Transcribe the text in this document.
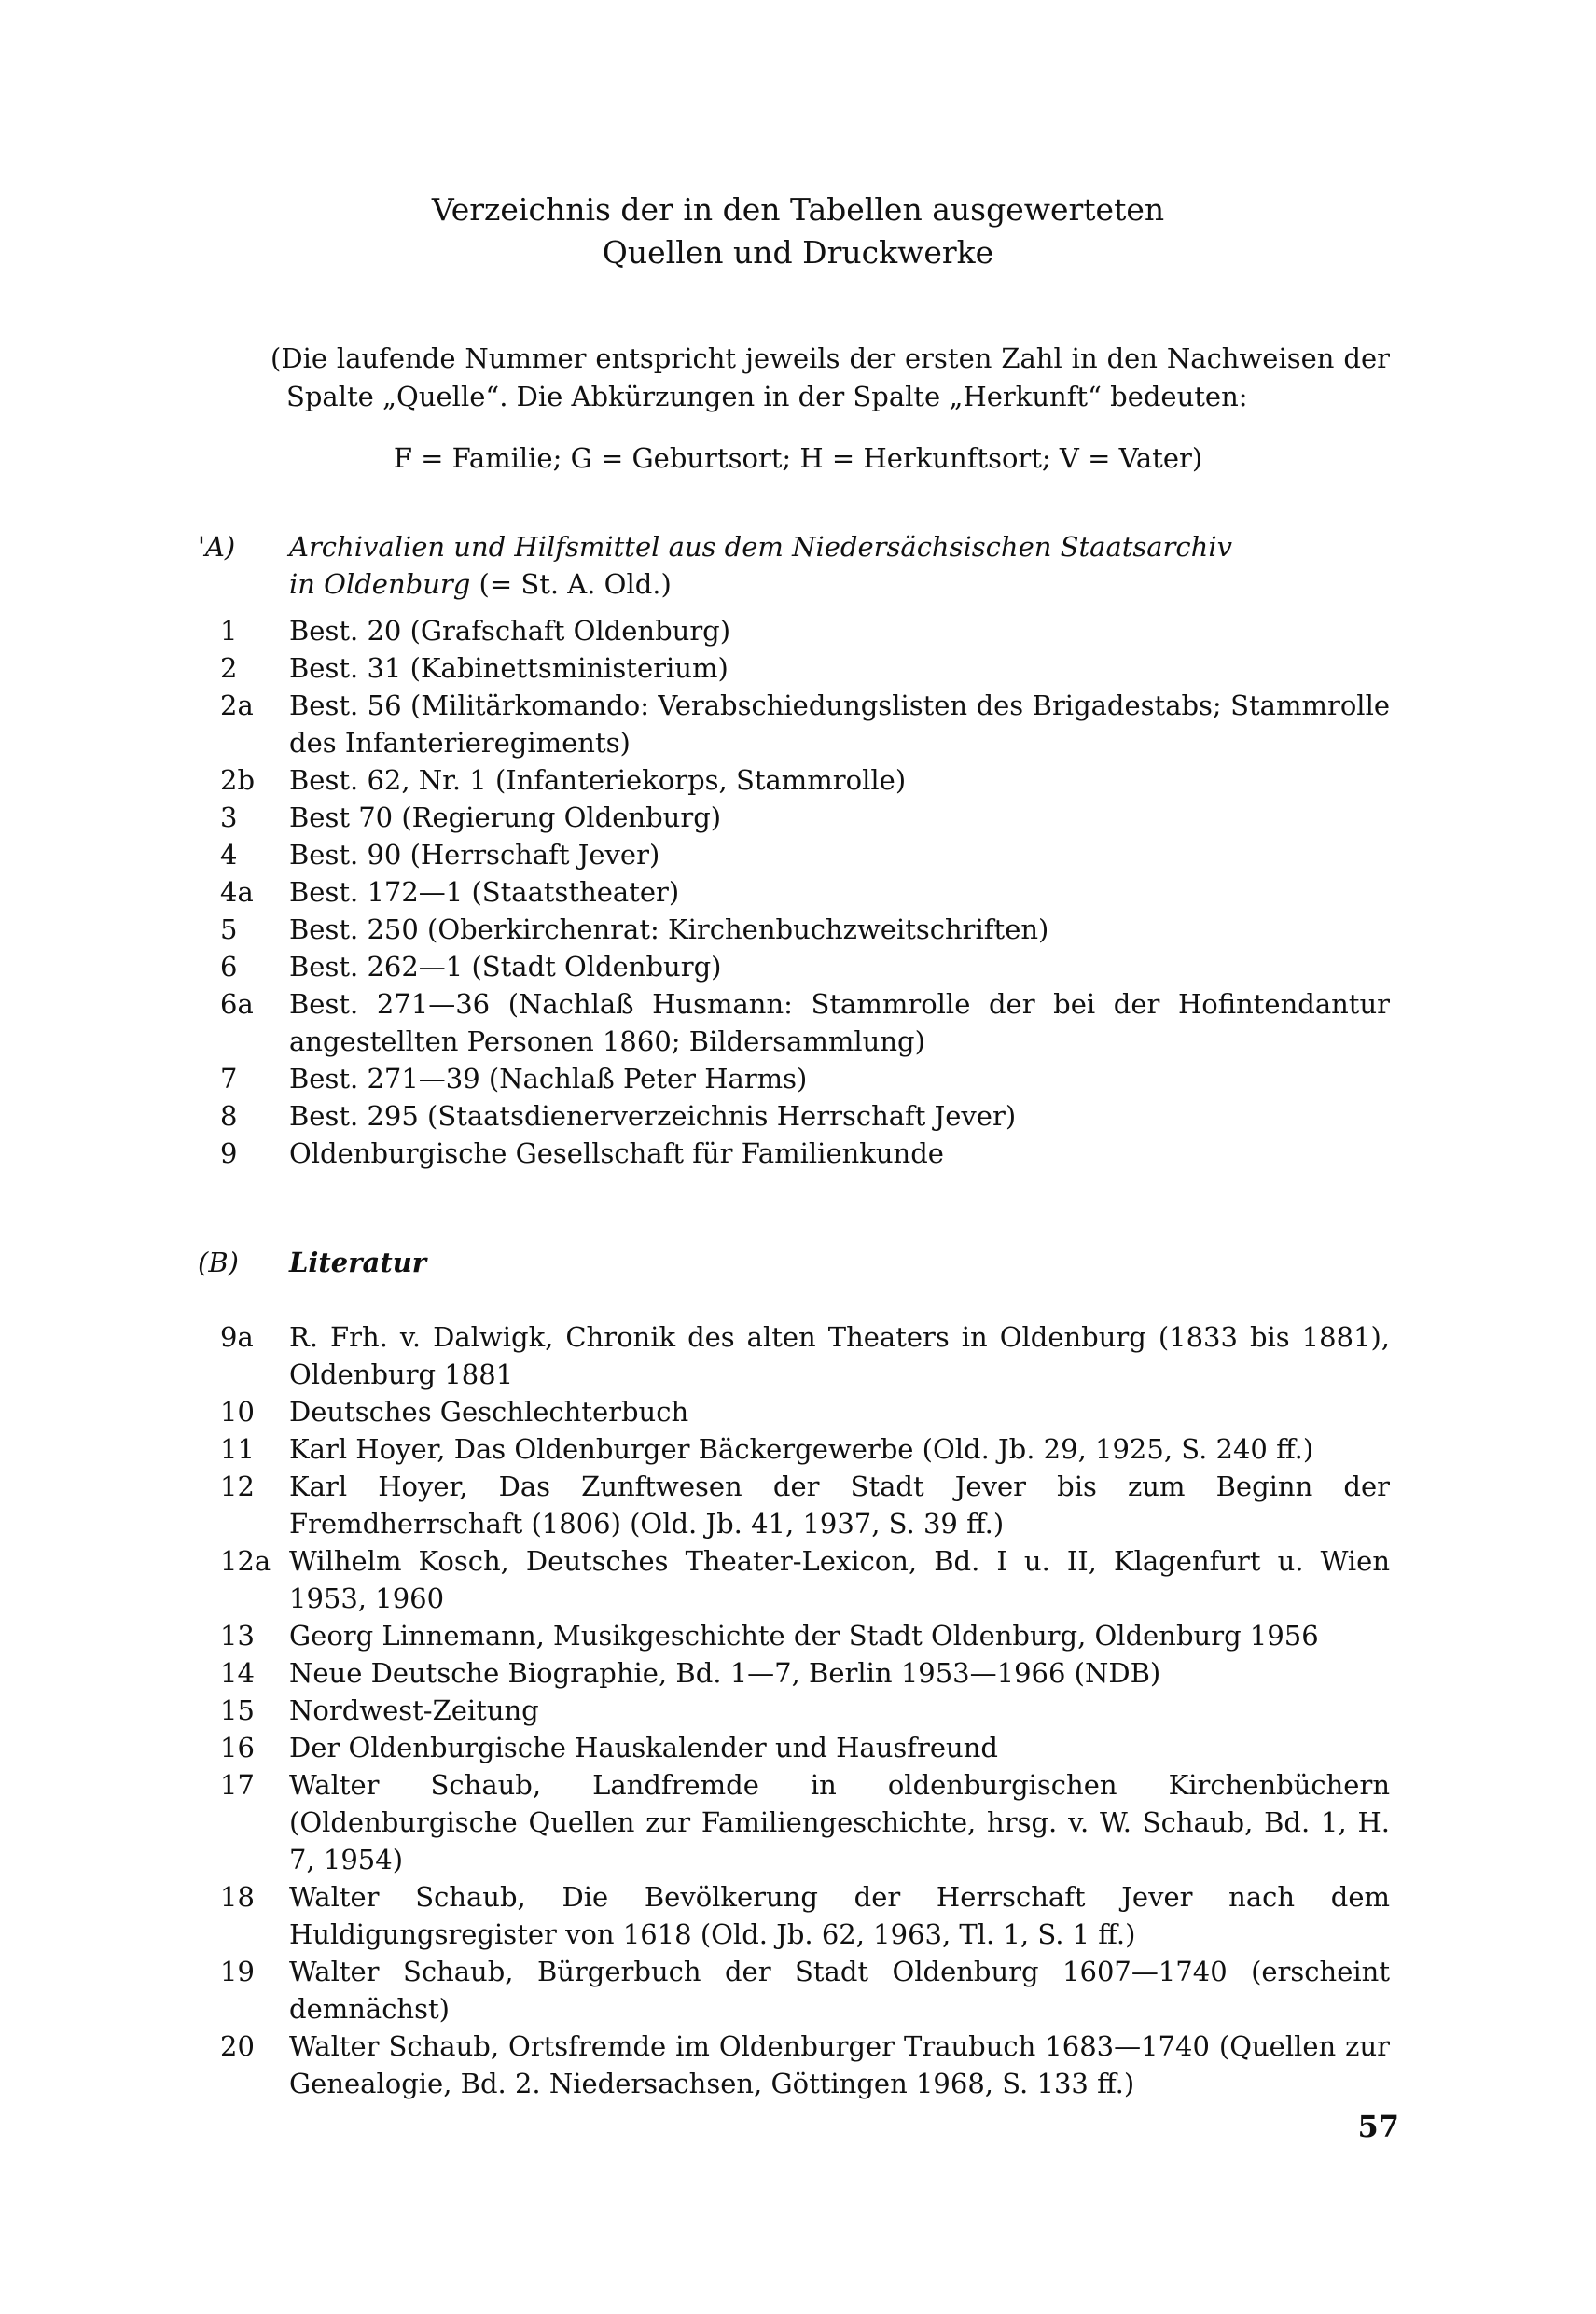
Verzeichnis der in den Tabellen ausgewerteten
Quellen und Druckwerke
(Die laufende Nummer entspricht jeweils der ersten Zahl in den Nachweisen der Spalte „Quelle“. Die Abkürzungen in der Spalte „Herkunft“ bedeuten:
F = Familie; G = Geburtsort; H = Herkunftsort; V = Vater)
'A)	Archivalien und Hilfsmittel aus dem Niedersächsischen Staatsarchiv
in Oldenburg (= St. A. Old.)
1	Best. 20 (Grafschaft Oldenburg)
2	Best. 31 (Kabinettsministerium)
2a	Best. 56 (Militärkomando: Verabschiedungslisten des Brigadestabs; Stammrolle des Infanterieregiments)
2b	Best. 62, Nr. 1 (Infanteriekorps, Stammrolle)
3	Best 70 (Regierung Oldenburg)
4	Best. 90 (Herrschaft Jever)
4a	Best. 172—1 (Staatstheater)
5	Best. 250 (Oberkirchenrat: Kirchenbuchzweitschriften)
6	Best. 262—1 (Stadt Oldenburg)
6a	Best. 271—36 (Nachlaß Husmann: Stammrolle der bei der Hofintendantur angestellten Personen 1860; Bildersammlung)
7	Best. 271—39 (Nachlaß Peter Harms)
8	Best. 295 (Staatsdienerverzeichnis Herrschaft Jever)
9	Oldenburgische Gesellschaft für Familienkunde
(B)	Literatur
9a	R. Frh. v. Dalwigk, Chronik des alten Theaters in Oldenburg (1833 bis 1881), Oldenburg 1881
10	Deutsches Geschlechterbuch
11	Karl Hoyer, Das Oldenburger Bäckergewerbe (Old. Jb. 29, 1925, S. 240 ff.)
12	Karl Hoyer, Das Zunftwesen der Stadt Jever bis zum Beginn der Fremdherrschaft (1806) (Old. Jb. 41, 1937, S. 39 ff.)
12a Wilhelm Kosch, Deutsches Theater-Lexicon, Bd. I u. II, Klagenfurt u. Wien 1953, 1960
13	Georg Linnemann, Musikgeschichte der Stadt Oldenburg, Oldenburg 1956
14	Neue Deutsche Biographie, Bd. 1—7, Berlin 1953—1966 (NDB)
15	Nordwest-Zeitung
16	Der Oldenburgische Hauskalender und Hausfreund
17	Walter Schaub, Landfremde in oldenburgischen Kirchenbüchern (Oldenburgische Quellen zur Familiengeschichte, hrsg. v. W. Schaub, Bd. 1, H. 7, 1954)
18	Walter Schaub, Die Bevölkerung der Herrschaft Jever nach dem Huldigungsregister von 1618 (Old. Jb. 62, 1963, Tl. 1, S. 1 ff.)
19	Walter Schaub, Bürgerbuch der Stadt Oldenburg 1607—1740 (erscheint demnächst)
20	Walter Schaub, Ortsfremde im Oldenburger Traubuch 1683—1740 (Quellen zur Genealogie, Bd. 2. Niedersachsen, Göttingen 1968, S. 133 ff.)
57
